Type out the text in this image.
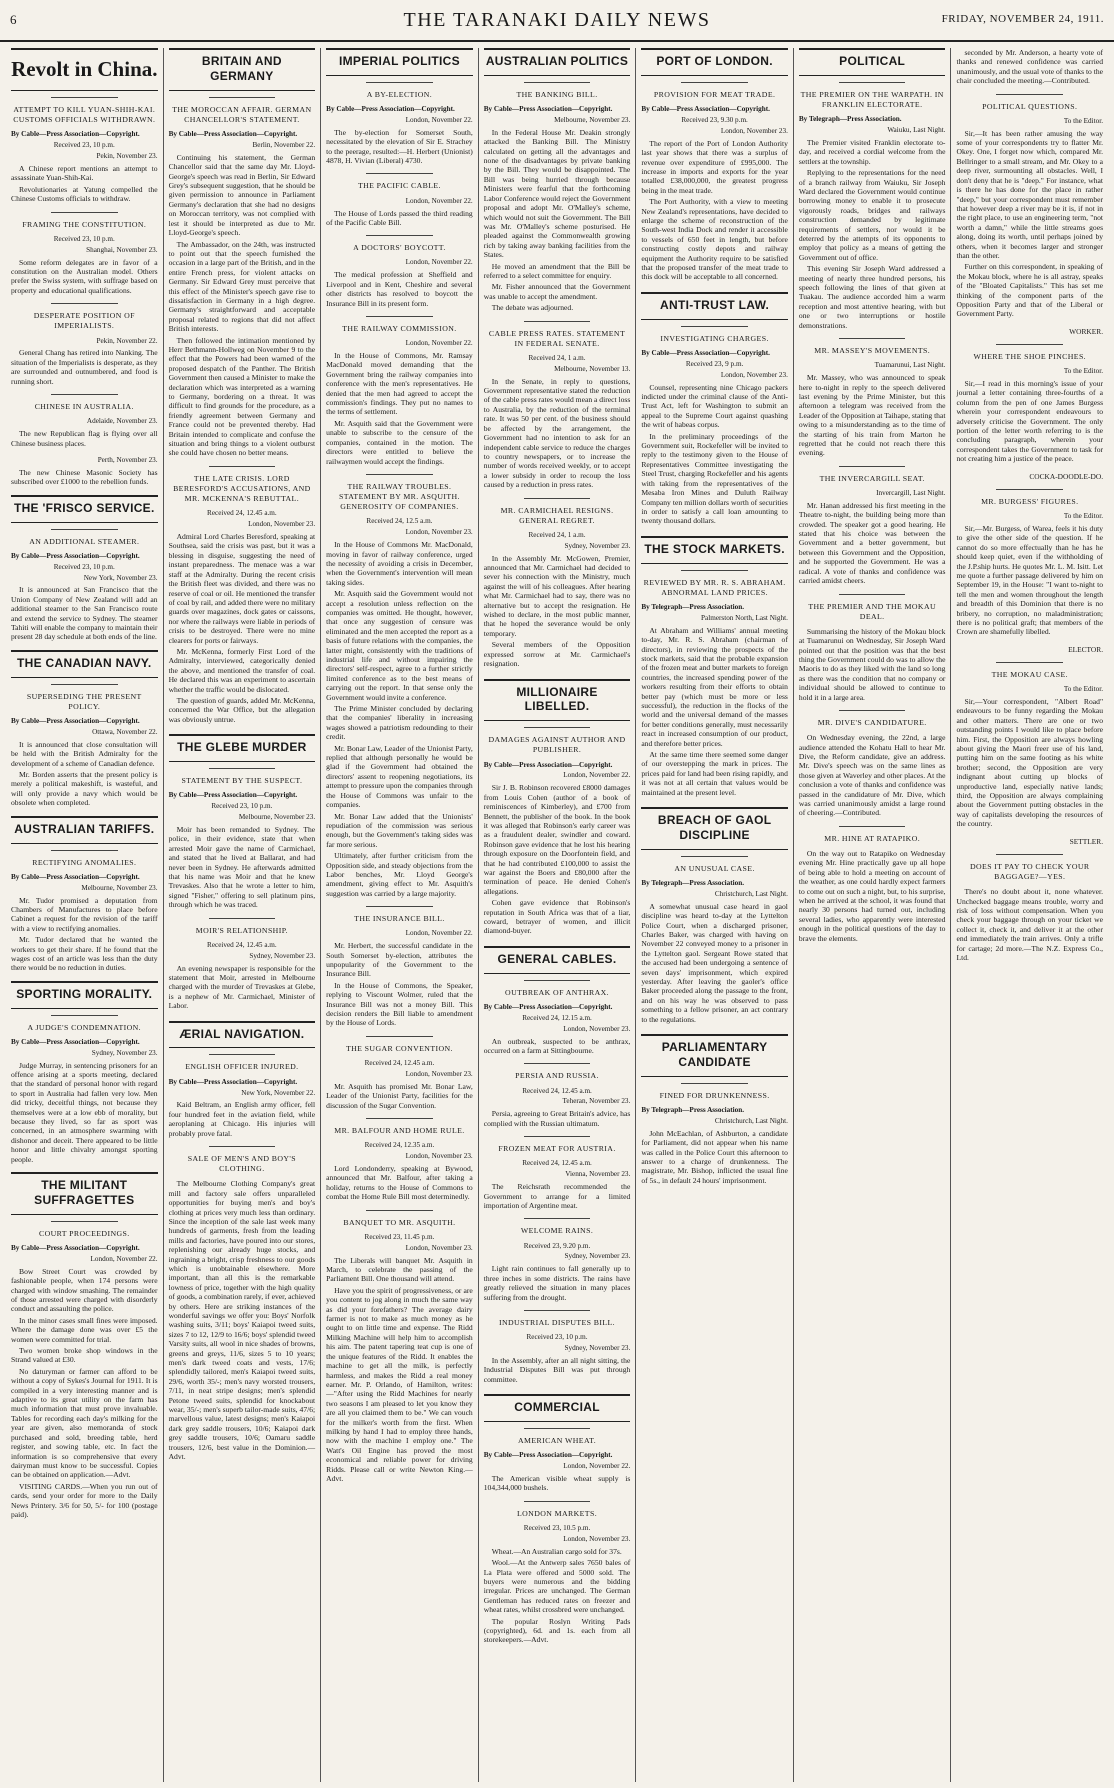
6	THE TARANAKI DAILY NEWS	FRIDAY, NOVEMBER 24, 1911.
Revolt in China.
ATTEMPT TO KILL YUAN-SHIH-KAI. CUSTOMS OFFICIALS WITHDRAWN.
By Cable—Press Association—Copyright.
Received 23, 10 p.m.
Pekin, November 23.

A Chinese report mentions an attempt to assassinate Yuan-Shih-Kai.

Revolutionaries at Yatung compelled the Chinese Customs officials to withdraw.

FRAMING THE CONSTITUTION.
Received 23, 10 p.m.
Shanghai, November 23.

Some reform delegates are in favor of a constitution on the Australian model. Others prefer the Swiss system, with suffrage based on property and educational qualifications.

DESPERATE POSITION OF IMPERIALISTS.
Pekin, November 22.

General Chang has retired into Nanking. The situation of the Imperialists is desperate, as they are surrounded and outnumbered, and food is running short.

CHINESE IN AUSTRALIA.
Adelaide, November 23.

The new Republican flag is flying over all Chinese business places.

Perth, November 23.

The new Chinese Masonic Society has subscribed over £1000 to the rebellion funds.

THE 'FRISCO SERVICE.
AN ADDITIONAL STEAMER.
By Cable—Press Association—Copyright.
Received 23, 10 p.m.
New York, November 23.

It is announced at San Francisco that the Union Company of New Zealand will add an additional steamer to the San Francisco route and extend the service to Sydney. The steamer Tahiti will enable the company to maintain their present 28 day schedule at both ends of the line.

THE CANADIAN NAVY.
SUPERSEDING THE PRESENT POLICY.
By Cable—Press Association—Copyright.
Ottawa, November 22.

It is announced that close consultation will be held with the British Admiralty for the development of a scheme of Canadian defence.

Mr. Borden asserts that the present policy is merely a political makeshift, is wasteful, and will only provide a navy which would be obsolete when completed.

AUSTRALIAN TARIFFS.
RECTIFYING ANOMALIES.
By Cable—Press Association—Copyright.
Melbourne, November 23.

Mr. Tudor promised a deputation from Chambers of Manufactures to place before Cabinet a request for the revision of the tariff with a view to rectifying anomalies.

Mr. Tudor declared that he wanted the workers to get their share. If he found that the wages cost of an article was less than the duty there would be no reduction in duties.

SPORTING MORALITY.
A JUDGE'S CONDEMNATION.
By Cable—Press Association—Copyright.
Sydney, November 23.

Judge Murray, in sentencing prisoners for an offence arising at a sports meeting, declared that the standard of personal honor with regard to sport in Australia had fallen very low. Men did tricky, deceitful things, not because they themselves were at a low ebb of morality, but because they lived, so far as sport was concerned, in an atmosphere swarming with dishonor and deceit. There appeared to be little honor and little chivalry amongst sporting people.

THE MILITANT SUFFRAGETTES
COURT PROCEEDINGS.
By Cable—Press Association—Copyright.
London, November 22.

Bow Street Court was crowded by fashionable people, when 174 persons were charged with window smashing. The remainder of those arrested were charged with disorderly conduct and assaulting the police.

In the minor cases small fines were imposed. Where the damage done was over £5 the women were committed for trial.

Two women broke shop windows in the Strand valued at £30.

No daturyman or farmer can afford to be without a copy of Sykes's Journal for 1911. It is compiled in a very interesting manner and is adaptive to its great utility on the farm has much information that must prove invaluable. Tables for recording each day's milking for the year are given, also memoranda of stock purchased and sold, breeding table, herd register, and sowing table, etc. In fact the information is so comprehensive that every dairyman must know to be successful. Copies can be obtained on application.—Advt.

VISITING CARDS.—When you run out of cards, send your order for more to the Daily News Printery. 3/6 for 50, 5/- for 100 (postage paid).

BRITAIN AND GERMANY
THE MOROCCAN AFFAIR. GERMAN CHANCELLOR'S STATEMENT.
By Cable—Press Association—Copyright.
Berlin, November 22.

Continuing his statement, the German Chancellor said that the same day Mr. Lloyd-George's speech was read in Berlin, Sir Edward Grey's subsequent suggestion, that he should be given permission to announce in Parliament Germany's declaration that she had no designs on Moroccan territory, was not complied with lest it should be interpreted as due to Mr. Lloyd-George's speech.

The Ambassador, on the 24th, was instructed to point out that the speech furnished the occasion in a large part of the British, and in the entire French press, for violent attacks on Germany. Sir Edward Grey must perceive that this effect of the Minister's speech gave rise to dissatisfaction in Germany in a high degree. Germany's straightforward and acceptable proposal related to regions that did not affect British interests.

Then followed the intimation mentioned by Herr Bethmann-Hollweg on November 9 to the effect that the Powers had been warned of the proposed despatch of the Panther. The British Government then caused a Minister to make the declaration which was interpreted as a warning to Germany, bordering on a threat. It was difficult to find grounds for the procedure, as a friendly agreement between Germany and France could not be prevented thereby. Had Britain intended to complicate and confuse the situation and bring things to a violent outburst she could have chosen no better means.

THE LATE CRISIS. LORD BERESFORD'S ACCUSATIONS, AND MR. MCKENNA'S REBUTTAL.
Received 24, 12.45 a.m.
London, November 23.

Admiral Lord Charles Beresford, speaking at Southsea, said the crisis was past, but it was a blessing in disguise, suggesting the need of instant preparedness. The menace was a war staff at the Admiralty. During the recent crisis the British fleet was divided, and there was no reserve of coal or oil. He mentioned the transfer of coal by rail, and added there were no military guards over magazines, dock gates or caissons, nor where the railways were liable in periods of crisis to be destroyed. There were no mine clearers for ports or fairways.

Mr. McKenna, formerly First Lord of the Admiralty, interviewed, categorically denied the above, and mentioned the transfer of coal. He declared this was an experiment to ascertain whether the traffic would be dislocated.

The question of guards, added Mr. McKenna, concerned the War Office, but the allegation was obviously untrue.

THE GLEBE MURDER
STATEMENT BY THE SUSPECT.
By Cable—Press Association—Copyright.
Received 23, 10 p.m.
Melbourne, November 23.

Moir has been remanded to Sydney. The police, in their evidence, state that when arrested Moir gave the name of Carmichael, and stated that he lived at Ballarat, and had never been in Sydney. He afterwards admitted that his name was Moir and that he knew Trevaskes. Also that he wrote a letter to him, signed "Fisher," offering to sell platinum pins, through which he was traced.

MOIR'S RELATIONSHIP.
Received 24, 12.45 a.m.
Sydney, November 23.

An evening newspaper is responsible for the statement that Moir, arrested in Melbourne charged with the murder of Trevaskes at Glebe, is a nephew of Mr. Carmichael, Minister of Labor.

ÆRIAL NAVIGATION.
ENGLISH OFFICER INJURED.
By Cable—Press Association—Copyright.
New York, November 22.

Kaid Beltram, an English army officer, fell four hundred feet in the aviation field, while aeroplaning at Chicago. His injuries will probably prove fatal.

SALE OF MEN'S AND BOY'S CLOTHING.

The Melbourne Clothing Company's great mill and factory sale offers unparalleled opportunities for buying men's and boy's clothing at prices very much less than ordinary. Since the inception of the sale last week many hundreds of garments, fresh from the leading mills and factories, have poured into our stores, replenishing our already huge stocks, and ingraining a bright, crisp freshness to our goods which is unobtainable elsewhere. More important, than all this is the remarkable lowness of price, together with the high quality of goods, a combination rarely, if ever, achieved by others. Here are striking instances of the wonderful savings we offer you: Boys' Norfolk washing suits, 3/11; boys' Kaiapoi tweed suits, sizes 7 to 12, 12/9 to 16/6; boys' splendid tweed Varsity suits, all wool in nice shades of browns, greens and greys, 11/6, sizes 5 to 10 years; men's dark tweed coats and vests, 17/6; splendidly tailored, men's Kaiapoi tweed suits, 29/6, worth 35/-; men's navy worsted trousers, 7/11, in neat stripe designs; men's splendid Petone tweed suits, splendid for knockabout wear, 35/-; men's superb tailor-made suits, 47/6; marvellous value, latest designs; men's Kaiapoi dark grey saddle trousers, 10/6; Kaiapoi dark grey saddle trousers, 10/6; Oamaru saddle trousers, 12/6, best value in the Dominion.—Advt.

IMPERIAL POLITICS
A BY-ELECTION.
By Cable—Press Association—Copyright.
London, November 22.

The by-election for Somerset South, necessitated by the elevation of Sir E. Strachey to the peerage, resulted:—H. Herbert (Unionist) 4878, H. Vivian (Liberal) 4730.

THE PACIFIC CABLE.
London, November 22.

The House of Lords passed the third reading of the Pacific Cable Bill.

A DOCTORS' BOYCOTT.
London, November 22.

The medical profession at Sheffield and Liverpool and in Kent, Cheshire and several other districts has resolved to boycott the Insurance Bill in its present form.

THE RAILWAY COMMISSION.
London, November 22.

In the House of Commons, Mr. Ramsay MacDonald moved demanding that the Government bring the railway companies into conference with the men's representatives. He denied that the men had agreed to accept the commission's findings. They put no names to the terms of settlement.

Mr. Asquith said that the Government were unable to subscribe to the censure of the companies, contained in the motion. The directors were entitled to believe the railwaymen would accept the findings.

THE RAILWAY TROUBLES. STATEMENT BY MR. ASQUITH. GENEROSITY OF COMPANIES.
Received 24, 12.5 a.m.
London, November 23.

In the House of Commons Mr. MacDonald, moving in favor of railway conference, urged the necessity of avoiding a crisis in December, when the Government's intervention will mean taking sides.

Mr. Asquith said the Government would not accept a resolution unless reflection on the companies was omitted. He thought, however, that once any suggestion of censure was eliminated and the men accepted the report as a basis of future relations with the companies, the latter might, consistently with the traditions of industrial life and without impairing the directors' self-respect, agree to a further strictly limited conference as to the best means of carrying out the report. In that sense only the Government would invite a conference.

The Prime Minister concluded by declaring that the companies' liberality in increasing wages showed a patriotism redounding to their credit.

Mr. Bonar Law, Leader of the Unionist Party, replied that although personally he would be glad if the Government had obtained the directors' assent to reopening negotiations, its attempt to pressure upon the companies through the House of Commons was unfair to the companies.

Mr. Bonar Law added that the Unionists' repudiation of the commission was serious enough, but the Government's taking sides was far more serious.

Ultimately, after further criticism from the Opposition side, and steady objections from the Labor benches, Mr. Lloyd George's amendment, giving effect to Mr. Asquith's suggestion was carried by a large majority.

THE INSURANCE BILL.
London, November 22.

Mr. Herbert, the successful candidate in the South Somerset by-election, attributes the unpopularity of the Government to the Insurance Bill.

In the House of Commons, the Speaker, replying to Viscount Wolmer, ruled that the Insurance Bill was not a money Bill. This decision renders the Bill liable to amendment by the House of Lords.

THE SUGAR CONVENTION.
Received 24, 12.45 a.m.
London, November 23.

Mr. Asquith has promised Mr. Bonar Law, Leader of the Unionist Party, facilities for the discussion of the Sugar Convention.

MR. BALFOUR AND HOME RULE.
Received 24, 12.35 a.m.
London, November 23.

Lord Londonderry, speaking at Bywood, announced that Mr. Balfour, after taking a holiday, returns to the House of Commons to combat the Home Rule Bill most determinedly.

BANQUET TO MR. ASQUITH.
Received 23, 11.45 p.m.
London, November 23.

The Liberals will banquet Mr. Asquith in March, to celebrate the passing of the Parliament Bill. One thousand will attend.

Have you the spirit of progressiveness, or are you content to jog along in much the same way as did your forefathers? The average dairy farmer is not to make as much money as he ought to on little time and expense. The Ridd Milking Machine will help him to accomplish his aim. The patent tapering teat cup is one of the unique features of the Ridd. It enables the machine to get all the milk, is perfectly harmless, and makes the Ridd a real money earner. Mr. P. Orlando, of Hamilton, writes:—"After using the Ridd Machines for nearly two seasons I am pleased to let you know they are all you claimed them to be." We can vouch for the milker's worth from the first. When milking by hand I had to employ three hands, now with the machine I employ one." The Watt's Oil Engine has proved the most economical and reliable power for driving Ridds. Please call or write Newton King.—Advt.

AUSTRALIAN POLITICS
THE BANKING BILL.
By Cable—Press Association—Copyright.
Melbourne, November 23.

In the Federal House Mr. Deakin strongly attacked the Banking Bill. The Ministry calculated on getting all the advantages and none of the disadvantages by private banking by the Bill. They would be disappointed. The Bill was being hurried through because Ministers were fearful that the forthcoming Labor Conference would reject the Government proposal and adopt Mr. O'Malley's scheme, which would not suit the Government. The Bill was Mr. O'Malley's scheme posturised. He pleaded against the Commonwealth growing rich by taking away banking facilities from the States.

He moved an amendment that the Bill be referred to a select committee for enquiry.

Mr. Fisher announced that the Government was unable to accept the amendment.

The debate was adjourned.

CABLE PRESS RATES. STATEMENT IN FEDERAL SENATE.
Received 24, 1 a.m.
Melbourne, November 13.

In the Senate, in reply to questions, Government representative stated the reduction of the cable press rates would mean a direct loss to Australia, by the reduction of the terminal rate. It was 50 per cent. of the business should be affected by the arrangement, the Government had no intention to ask for an independent cable service to reduce the charges to country newspapers, or to increase the number of words received weekly, or to accept a lower subsidy in order to recoup the loss caused by a reduction in press rates.

MR. CARMICHAEL RESIGNS. GENERAL REGRET.
Received 24, 1 a.m.
Sydney, November 23.

In the Assembly Mr. McGowen, Premier, announced that Mr. Carmichael had decided to sever his connection with the Ministry, much against the will of his colleagues. After hearing what Mr. Carmichael had to say, there was no alternative but to accept the resignation. He wished to declare, in the most public manner, that he hoped the severance would be only temporary.

Several members of the Opposition expressed sorrow at Mr. Carmichael's resignation.

MILLIONAIRE LIBELLED.
DAMAGES AGAINST AUTHOR AND PUBLISHER.
By Cable—Press Association—Copyright.
London, November 22.

Sir J. B. Robinson recovered £8000 damages from Louis Cohen (author of a book of reminiscences of Kimberley), and £700 from Bennett, the publisher of the book. In the book it was alleged that Robinson's early career was as a fraudulent dealer, swindler and coward. Robinson gave evidence that he lost his hearing through exposure on the Doorfontein field, and that he had contributed £100,000 to assist the war against the Boers and £80,000 after the termination of peace. He denied Cohen's allegations.

Cohen gave evidence that Robinson's reputation in South Africa was that of a liar, coward, betrayer of women, and illicit diamond-buyer.

GENERAL CABLES.
OUTBREAK OF ANTHRAX.
By Cable—Press Association—Copyright.
Received 24, 12.15 a.m.
London, November 23.

An outbreak, suspected to be anthrax, occurred on a farm at Sittingbourne.

PERSIA AND RUSSIA.
Received 24, 12.45 a.m.
Teheran, November 23.

Persia, agreeing to Great Britain's advice, has complied with the Russian ultimatum.

FROZEN MEAT FOR AUSTRIA.
Received 24, 12.45 a.m.
Vienna, November 23.

The Reichsrath recommended the Government to arrange for a limited importation of Argentine meat.

WELCOME RAINS.
Received 23, 9.20 p.m.
Sydney, November 23.

Light rain continues to fall generally up to three inches in some districts. The rains have greatly relieved the situation in many places suffering from the drought.

INDUSTRIAL DISPUTES BILL.
Received 23, 10 p.m.
Sydney, November 23.

In the Assembly, after an all night sitting, the Industrial Disputes Bill was put through committee.

COMMERCIAL
AMERICAN WHEAT.
By Cable—Press Association—Copyright.
London, November 22.

The American visible wheat supply is 104,344,000 bushels.

LONDON MARKETS.
Received 23, 10.5 p.m.
London, November 23.

Wheat.—An Australian cargo sold for 37s.

Wool.—At the Antwerp sales 7650 bales of La Plata were offered and 5000 sold. The buyers were numerous and the bidding irregular. Prices are unchanged. The German Gentleman has reduced rates on freezer and wheat rates, whilst crossbred were unchanged.

The popular Roslyn Writing Pads (copyrighted), 6d. and 1s. each from all storekeepers.—Advt.

PORT OF LONDON.
PROVISION FOR MEAT TRADE.
By Cable—Press Association—Copyright.
Received 23, 9.30 p.m.
London, November 23.

The report of the Port of London Authority last year shows that there was a surplus of revenue over expenditure of £995,000. The increase in imports and exports for the year totalled £38,000,000, the greatest progress being in the meat trade.

The Port Authority, with a view to meeting New Zealand's representations, have decided to enlarge the scheme of reconstruction of the South-west India Dock and render it accessible to vessels of 650 feet in length, but before constructing costly depots and railway equipment the Authority require to be satisfied that the proposed transfer of the meat trade to this dock will be acceptable to all concerned.

ANTI-TRUST LAW.
INVESTIGATING CHARGES.
By Cable—Press Association—Copyright.
Received 23, 9 p.m.
London, November 23.

Counsel, representing nine Chicago packers indicted under the criminal clause of the Anti-Trust Act, left for Washington to submit an appeal to the Supreme Court against quashing the writ of habeas corpus.

In the preliminary proceedings of the Government suit, Rockefeller will be invited to reply to the testimony given to the House of Representatives Committee investigating the Steel Trust, charging Rockefeller and his agents with taking from the representatives of the Mesaba Iron Mines and Duluth Railway Company ten million dollars worth of securities in order to satisfy a call loan amounting to twenty thousand dollars.

THE STOCK MARKETS.
REVIEWED BY MR. R. S. ABRAHAM. ABNORMAL LAND PRICES.
By Telegraph—Press Association.
Palmerston North, Last Night.

At Abraham and Williams' annual meeting to-day, Mr. R. S. Abraham (chairman of directors), in reviewing the prospects of the stock markets, said that the probable expansion of the frozen meat and butter markets to foreign countries, the increased spending power of the workers resulting from their efforts to obtain better pay (which must be more or less successful), the reduction in the flocks of the world and the universal demand of the masses for better conditions generally, must necessarily react in increased consumption of our product, and therefore better prices.

At the same time there seemed some danger of our overstepping the mark in prices. The prices paid for land had been rising rapidly, and it was not at all certain that values would be maintained at the present level.

BREACH OF GAOL DISCIPLINE
AN UNUSUAL CASE.
By Telegraph—Press Association.
Christchurch, Last Night.

A somewhat unusual case heard in gaol discipline was heard to-day at the Lyttelton Police Court, when a discharged prisoner, Charles Baker, was charged with having on November 22 conveyed money to a prisoner in the Lyttelton gaol. Sergeant Rowe stated that the accused had been undergoing a sentence of seven days' imprisonment, which expired yesterday. After leaving the gaoler's office Baker proceeded along the passage to the front, and on his way he was observed to pass something to a fellow prisoner, an act contrary to the regulations.

PARLIAMENTARY CANDIDATE
FINED FOR DRUNKENNESS.
By Telegraph—Press Association.
Christchurch, Last Night.

John McEachlan, of Ashburton, a candidate for Parliament, did not appear when his name was called in the Police Court this afternoon to answer to a charge of drunkenness. The magistrate, Mr. Bishop, inflicted the usual fine of 5s., in default 24 hours' imprisonment.

POLITICAL
THE PREMIER ON THE WARPATH. IN FRANKLIN ELECTORATE.
By Telegraph—Press Association.
Waiuku, Last Night.

The Premier visited Franklin electorate to-day, and received a cordial welcome from the settlers at the township.

Replying to the representations for the need of a branch railway from Waiuku, Sir Joseph Ward declared the Government would continue borrowing money to enable it to prosecute vigorously roads, bridges and railways construction demanded by legitimate requirements of settlers, nor would it be deterred by the attempts of its opponents to employ that policy as a means of getting the Government out of office.

This evening Sir Joseph Ward addressed a meeting of nearly three hundred persons, his speech following the lines of that given at Tuakau. The audience accorded him a warm reception and most attentive hearing, with but one or two interruptions or hostile demonstrations.

MR. MASSEY'S MOVEMENTS.
Tuamarunui, Last Night.

Mr. Massey, who was announced to speak here to-night in reply to the speech delivered last evening by the Prime Minister, but this afternoon a telegram was received from the Leader of the Opposition at Taihape, stating that owing to a misunderstanding as to the time of the starting of his train from Marton he regretted that he could not reach there this evening.

THE INVERCARGILL SEAT.
Invercargill, Last Night.

Mr. Hanan addressed his first meeting in the Theatre to-night, the building being more than crowded. The speaker got a good hearing. He stated that his choice was between the Government and a better government, but between this Government and the Opposition, and he supported the Government. He was a radical. A vote of thanks and confidence was carried amidst cheers.

THE PREMIER AND THE MOKAU DEAL.

Summarising the history of the Mokau block at Tuamarunui on Wednesday, Sir Joseph Ward pointed out that the position was that the best thing the Government could do was to allow the Maoris to do as they liked with the land so long as there was the condition that no company or individual should be allowed to continue to hold it in a large area.

MR. DIVE'S CANDIDATURE.

On Wednesday evening, the 22nd, a large audience attended the Kohatu Hall to hear Mr. Dive, the Reform candidate, give an address. Mr. Dive's speech was on the same lines as those given at Waverley and other places. At the conclusion a vote of thanks and confidence was passed in the candidature of Mr. Dive, which was carried unanimously amidst a large round of cheering.—Contributed.

MR. HINE AT RATAPIKO.

On the way out to Ratapiko on Wednesday evening Mr. Hine practically gave up all hope of being able to hold a meeting on account of the weather, as one could hardly expect farmers to come out on such a night, but, to his surprise, when he arrived at the school, it was found that nearly 30 persons had turned out, including several ladies, who apparently were interested enough in the political questions of the day to brave the elements.

seconded by Mr. Anderson, a hearty vote of thanks and renewed confidence was carried unanimously, and the usual vote of thanks to the chair concluded the meeting.—Contributed.

POLITICAL QUESTIONS.
To the Editor.

Sir,—It has been rather amusing the way some of your correspondents try to flatter Mr. Okey. One, I forget now which, compared Mr. Bellringer to a small stream, and Mr. Okey to a deep river, surmounting all obstacles. Well, I don't deny that he is "deep." For instance, what is there he has done for the place in rather "deep," but your correspondent must remember that however deep a river may be it is, if not in the right place, to use an engineering term, "not worth a damn," while the little streams goes along, doing its worth, until perhaps joined by others, when it becomes larger and stronger than the other.

Further on this correspondent, in speaking of the Mokau block, where he is all astray, speaks of the "Bloated Capitalists." This has set me thinking of the component parts of the Opposition Party and that of the Liberal or Government Party.

WORKER.
WHERE THE SHOE PINCHES.
To the Editor.

Sir,—I read in this morning's issue of your journal a letter containing three-fourths of a column from the pen of one James Burgess wherein your correspondent endeavours to adversely criticise the Government. The only portion of the letter worth referring to is the concluding paragraph, wherein your correspondent takes the Government to task for not creating him a justice of the peace.

COCKA-DOODLE-DO.
MR. BURGESS' FIGURES.
To the Editor.

Sir,—Mr. Burgess, of Warea, feels it his duty to give the other side of the question. If he cannot do so more effectually than he has he should keep quiet, even if the withholding of the J.P.ship hurts. He quotes Mr. L. M. Isitt. Let me quote a further passage delivered by him on September 19, in the House: "I want to-night to tell the men and women throughout the length and breadth of this Dominion that there is no bribery, no corruption, no maladministration; there is no political graft; that members of the Crown are shamefully libelled.

ELECTOR.
THE MOKAU CASE.
To the Editor.

Sir,—Your correspondent, "Albert Road" endeavours to be funny regarding the Mokau and other matters. There are one or two outstanding points I would like to place before him. First, the Opposition are always howling about giving the Maori freer use of his land, putting him on the same footing as his white brother; second, the Opposition are very indignant about cutting up blocks of unproductive land, especially native lands; third, the Opposition are always complaining about the Government putting obstacles in the way of capitalists developing the resources of the country.

SETTLER.
DOES IT PAY TO CHECK YOUR BAGGAGE?—YES.

There's no doubt about it, none whatever. Unchecked baggage means trouble, worry and risk of loss without compensation. When you check your baggage through on your ticket we collect it, check it, and deliver it at the other end immediately the train arrives. Only a trifle for cartage; 2d more.—The N.Z. Express Co., Ltd.
